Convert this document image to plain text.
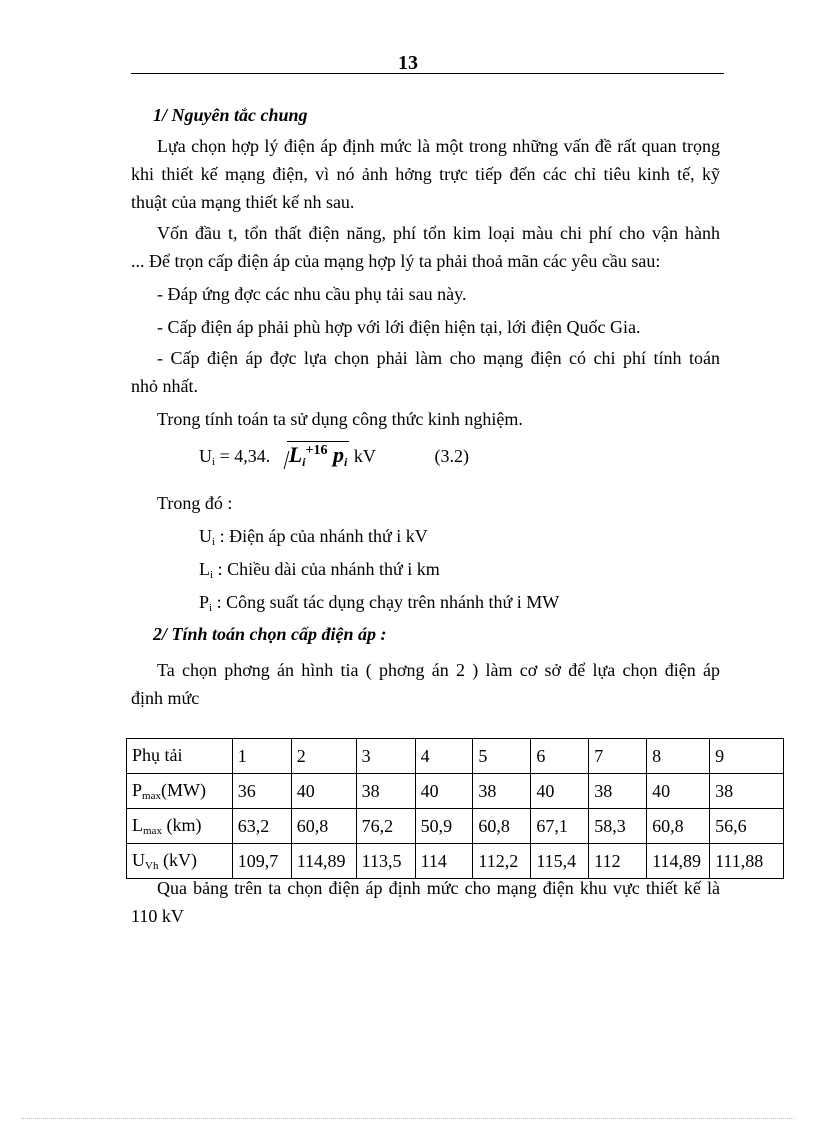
13
1/ Nguyên tắc chung
Lựa chọn hợp lý điện áp định mức là một trong những vấn đề rất quan trọng
khi thiết kế mạng điện, vì nó ảnh hởng trực tiếp đến các chỉ tiêu kinh tế, kỹ
thuật của mạng thiết kế nh sau.
Vốn đầu t, tổn thất điện năng, phí tổn kim loại màu chi phí cho vận hành
... Để trọn cấp điện áp của mạng hợp lý ta phải thoả mãn các yêu cầu sau:
- Đáp ứng đợc các nhu cầu phụ tải sau này.
- Cấp điện áp phải phù hợp với lới điện hiện tại, lới điện Quốc Gia.
- Cấp điện áp đợc lựa chọn phải làm cho mạng điện có chi phí tính toán
nhỏ nhất.
Trong tính toán ta sử dụng công thức kinh nghiệm.
$U_i = 4,34$. $Li^{+16}$ pi kV	(3.2)
Trong đó :
$U_i$ : Điện áp của nhánh thứ i kV
$L_i$ : Chiều dài của nhánh thứ i km
$P_i$ : Công suất tác dụng chạy trên nhánh thứ i MW
2/ Tính toán chọn cấp điện áp :
Ta chọn phơng án hình tia ( phơng án 2 ) làm cơ sở để lựa chọn điện áp
định mức
Phụ tải	1	2	3	4	5	6	7	8	9
$P_{max}(MW)$	36	40	38	40	38	40	38	40	38
$L_{max}$ (km)	63,2	60,8	76,2	50,9	60,8	67,1	58,3	60,8	56,6
$U_{Vh}$ (kV)	109,7	114,89	113,5	114	112,2	115,4	112	114,89	111,88
Qua bảng trên ta chọn điện áp định mức cho mạng điện khu vực thiết kế là
110 kV
